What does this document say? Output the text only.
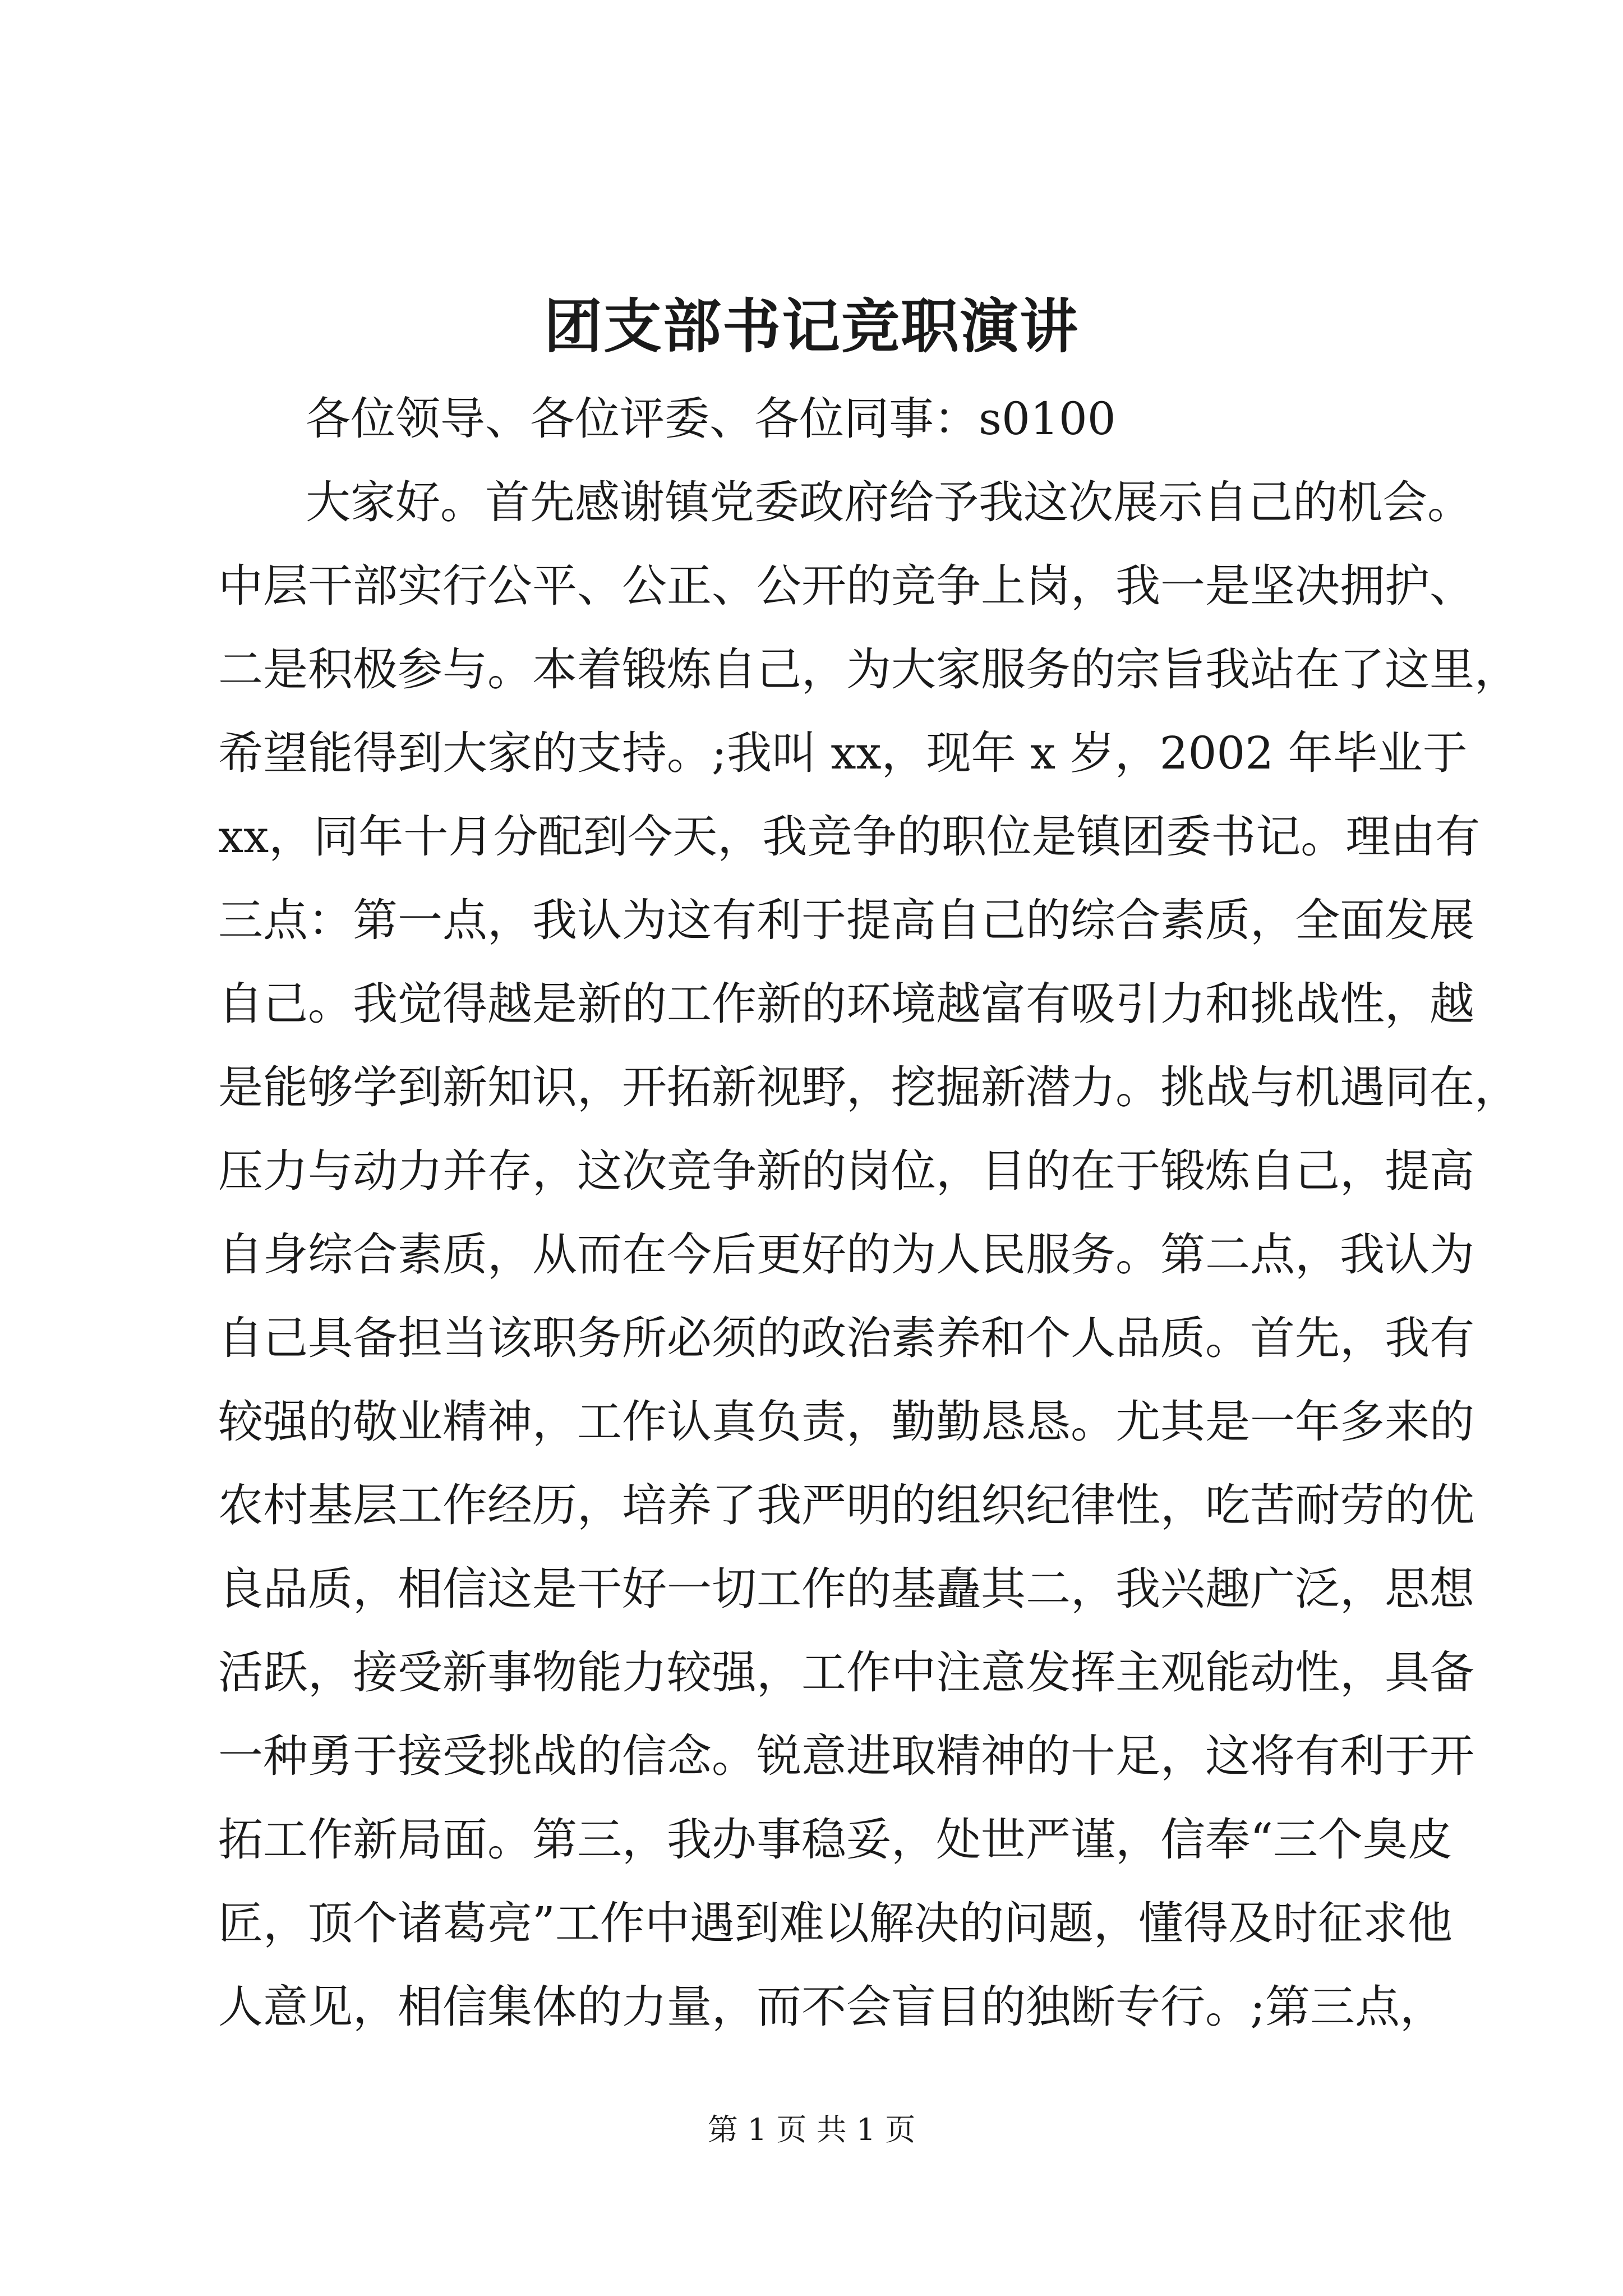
团支部书记竞职演讲
各位领导、各位评委、各位同事：s0100
大家好。首先感谢镇党委政府给予我这次展示自己的机会。
中层干部实行公平、公正、公开的竞争上岗，我一是坚决拥护、
二是积极参与。本着锻炼自己，为大家服务的宗旨我站在了这里，
希望能得到大家的支持。;我叫 xx，现年 x 岁，2002 年毕业于
xx，同年十月分配到今天，我竞争的职位是镇团委书记。理由有
三点：第一点，我认为这有利于提高自己的综合素质，全面发展
自己。我觉得越是新的工作新的环境越富有吸引力和挑战性，越
是能够学到新知识，开拓新视野，挖掘新潜力。挑战与机遇同在，
压力与动力并存，这次竞争新的岗位，目的在于锻炼自己，提高
自身综合素质，从而在今后更好的为人民服务。第二点，我认为
自己具备担当该职务所必须的政治素养和个人品质。首先，我有
较强的敬业精神，工作认真负责，勤勤恳恳。尤其是一年多来的
农村基层工作经历，培养了我严明的组织纪律性，吃苦耐劳的优
良品质，相信这是干好一切工作的基矗其二，我兴趣广泛，思想
活跃，接受新事物能力较强，工作中注意发挥主观能动性，具备
一种勇于接受挑战的信念。锐意进取精神的十足，这将有利于开
拓工作新局面。第三，我办事稳妥，处世严谨，信奉“三个臭皮
匠，顶个诸葛亮”工作中遇到难以解决的问题，懂得及时征求他
人意见，相信集体的力量，而不会盲目的独断专行。;第三点，
第 1 页 共 1 页
